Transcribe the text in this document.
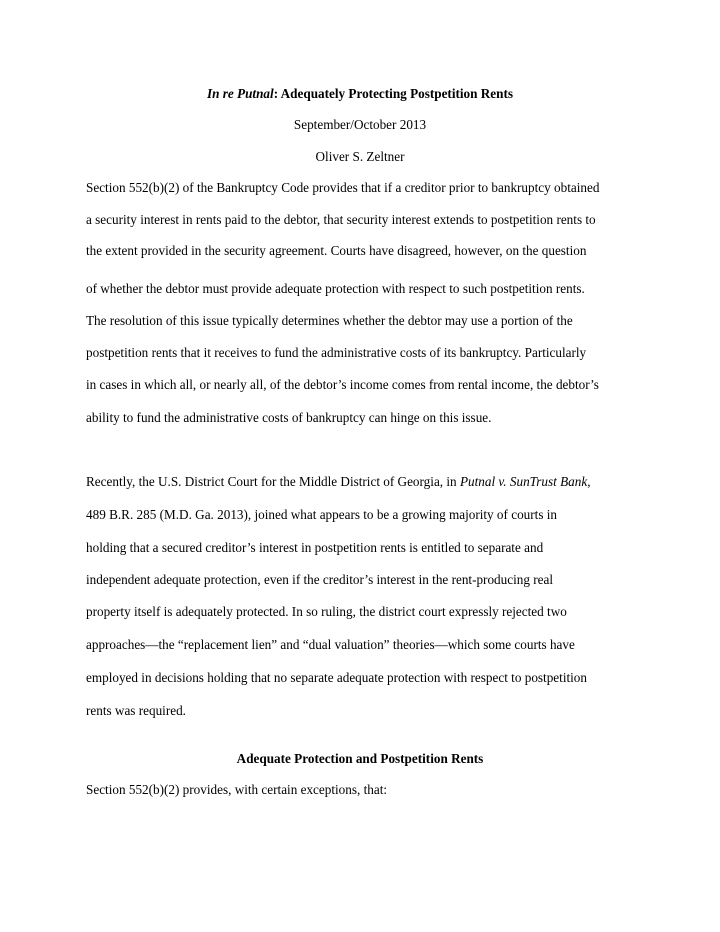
In re Putnal: Adequately Protecting Postpetition Rents
September/October 2013
Oliver S. Zeltner
Section 552(b)(2) of the Bankruptcy Code provides that if a creditor prior to bankruptcy obtained
a security interest in rents paid to the debtor, that security interest extends to postpetition rents to
the extent provided in the security agreement. Courts have disagreed, however, on the question
of whether the debtor must provide adequate protection with respect to such postpetition rents.
The resolution of this issue typically determines whether the debtor may use a portion of the
postpetition rents that it receives to fund the administrative costs of its bankruptcy. Particularly
in cases in which all, or nearly all, of the debtor’s income comes from rental income, the debtor’s
ability to fund the administrative costs of bankruptcy can hinge on this issue.
Recently, the U.S. District Court for the Middle District of Georgia, in Putnal v. SunTrust Bank,
489 B.R. 285 (M.D. Ga. 2013), joined what appears to be a growing majority of courts in
holding that a secured creditor’s interest in postpetition rents is entitled to separate and
independent adequate protection, even if the creditor’s interest in the rent-producing real
property itself is adequately protected. In so ruling, the district court expressly rejected two
approaches—the “replacement lien” and “dual valuation” theories—which some courts have
employed in decisions holding that no separate adequate protection with respect to postpetition
rents was required.
Adequate Protection and Postpetition Rents
Section 552(b)(2) provides, with certain exceptions, that:
